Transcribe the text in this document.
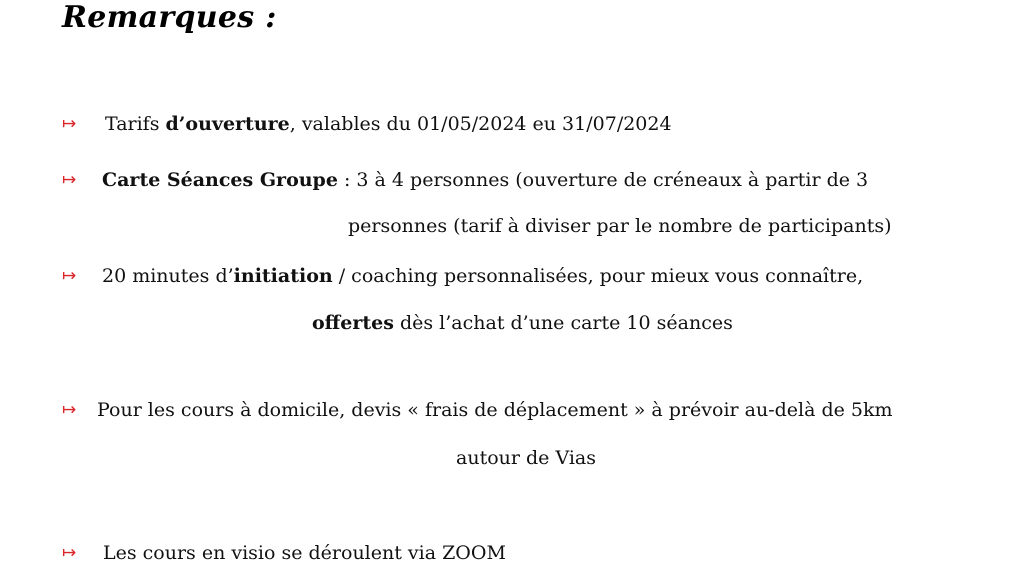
Remarques :
↦ Tarifs d’ouverture, valables du 01/05/2024 eu 31/07/2024
↦ Carte Séances Groupe : 3 à 4 personnes (ouverture de créneaux à partir de 3
personnes (tarif à diviser par le nombre de participants)
↦ 20 minutes d’initiation / coaching personnalisées, pour mieux vous connaître,
offertes dès l’achat d’une carte 10 séances
↦ Pour les cours à domicile, devis « frais de déplacement » à prévoir au-delà de 5km
autour de Vias
↦ Les cours en visio se déroulent via ZOOM
